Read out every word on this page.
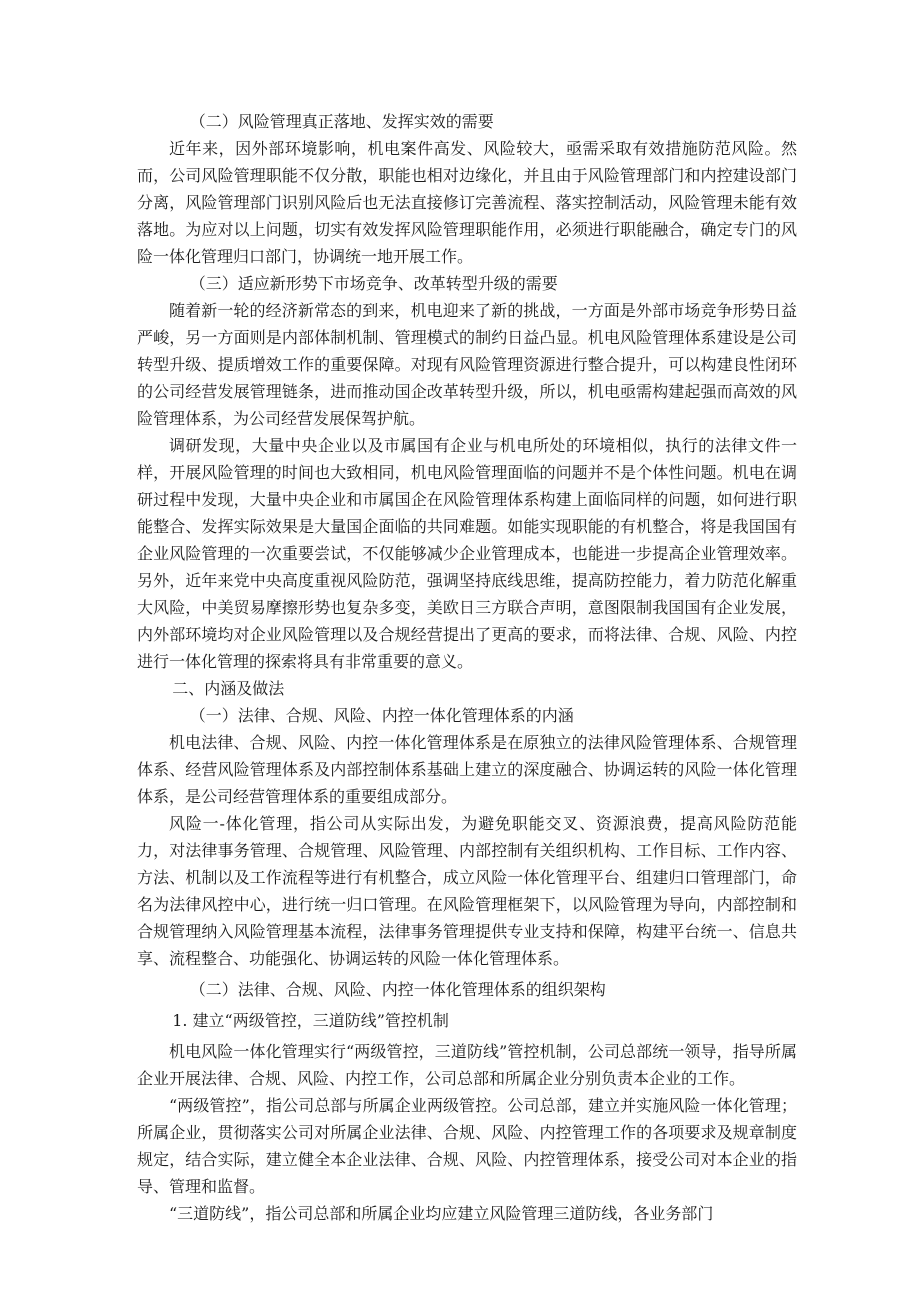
（二）风险管理真正落地、发挥实效的需要

近年来，因外部环境影响，机电案件高发、风险较大，亟需采取有效措施防范风险。然而，公司风险管理职能不仅分散，职能也相对边缘化，并且由于风险管理部门和内控建设部门分离，风险管理部门识别风险后也无法直接修订完善流程、落实控制活动，风险管理未能有效落地。为应对以上问题，切实有效发挥风险管理职能作用，必须进行职能融合，确定专门的风险一体化管理归口部门，协调统一地开展工作。

（三）适应新形势下市场竞争、改革转型升级的需要

随着新一轮的经济新常态的到来，机电迎来了新的挑战，一方面是外部市场竞争形势日益严峻，另一方面则是内部体制机制、管理模式的制约日益凸显。机电风险管理体系建设是公司转型升级、提质增效工作的重要保障。对现有风险管理资源进行整合提升，可以构建良性闭环的公司经营发展管理链条，进而推动国企改革转型升级，所以，机电亟需构建起强而高效的风险管理体系，为公司经营发展保驾护航。

调研发现，大量中央企业以及市属国有企业与机电所处的环境相似，执行的法律文件一样，开展风险管理的时间也大致相同，机电风险管理面临的问题并不是个体性问题。机电在调研过程中发现，大量中央企业和市属国企在风险管理体系构建上面临同样的问题，如何进行职能整合、发挥实际效果是大量国企面临的共同难题。如能实现职能的有机整合，将是我国国有企业风险管理的一次重要尝试，不仅能够减少企业管理成本，也能进一步提高企业管理效率。另外，近年来党中央高度重视风险防范，强调坚持底线思维，提高防控能力，着力防范化解重大风险，中美贸易摩擦形势也复杂多变，美欧日三方联合声明，意图限制我国国有企业发展，内外部环境均对企业风险管理以及合规经营提出了更高的要求，而将法律、合规、风险、内控进行一体化管理的探索将具有非常重要的意义。

二、内涵及做法

（一）法律、合规、风险、内控一体化管理体系的内涵

机电法律、合规、风险、内控一体化管理体系是在原独立的法律风险管理体系、合规管理体系、经营风险管理体系及内部控制体系基础上建立的深度融合、协调运转的风险一体化管理体系，是公司经营管理体系的重要组成部分。

风险一-体化管理，指公司从实际出发，为避免职能交叉、资源浪费，提高风险防范能力，对法律事务管理、合规管理、风险管理、内部控制有关组织机构、工作目标、工作内容、方法、机制以及工作流程等进行有机整合，成立风险一体化管理平台、组建归口管理部门，命名为法律风控中心，进行统一归口管理。在风险管理框架下，以风险管理为导向，内部控制和合规管理纳入风险管理基本流程，法律事务管理提供专业支持和保障，构建平台统一、信息共享、流程整合、功能强化、协调运转的风险一体化管理体系。

（二）法律、合规、风险、内控一体化管理体系的组织架构

1. 建立“两级管控，三道防线”管控机制

机电风险一体化管理实行“两级管控，三道防线”管控机制，公司总部统一领导，指导所属企业开展法律、合规、风险、内控工作，公司总部和所属企业分别负责本企业的工作。

“两级管控”，指公司总部与所属企业两级管控。公司总部，建立并实施风险一体化管理；所属企业，贯彻落实公司对所属企业法律、合规、风险、内控管理工作的各项要求及规章制度规定，结合实际，建立健全本企业法律、合规、风险、内控管理体系，接受公司对本企业的指导、管理和监督。

“三道防线”，指公司总部和所属企业均应建立风险管理三道防线，各业务部门
